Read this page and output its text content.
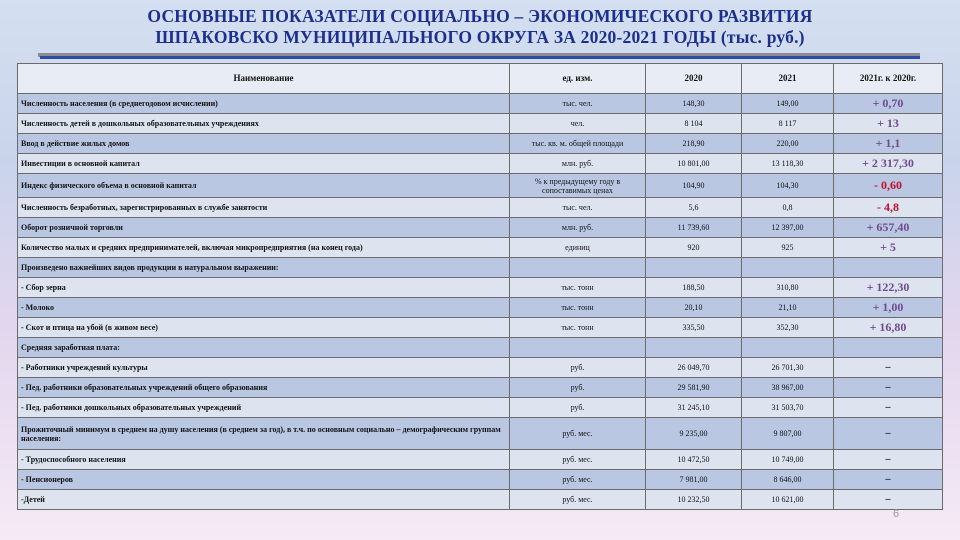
ОСНОВНЫЕ ПОКАЗАТЕЛИ СОЦИАЛЬНО – ЭКОНОМИЧЕСКОГО РАЗВИТИЯ
ШПАКОВСКО МУНИЦИПАЛЬНОГО ОКРУГА ЗА 2020-2021 ГОДЫ (тыс. руб.)
Наименование	ед. изм.	2020	2021	2021г. к 2020г.
Численность населения (в среднегодовом исчислении)	тыс. чел.	148,30	149,00	+ 0,70
Численность детей в дошкольных образовательных учреждениях	чел.	8 104	8 117	+ 13
Ввод в действие жилых домов	тыс. кв. м. общей площади	218,90	220,00	+ 1,1
Инвестиции в основной капитал	млн. руб.	10 801,00	13 118,30	+ 2 317,30
Индекс физического объема в основной капитал	% к предыдущему году в сопоставимых ценах	104,90	104,30	- 0,60
Численность безработных, зарегистрированных в службе занятости	тыс. чел.	5,6	0,8	- 4,8
Оборот розничной торговли	млн. руб.	11 739,60	12 397,00	+ 657,40
Количество малых и средних предпринимателей, включая микропредприятия (на конец года)	единиц	920	925	+ 5
Произведено важнейших видов продукции в натуральном выражении:				
- Сбор зерна	тыс. тонн	188,50	310,80	+ 122,30
- Молоко	тыс. тонн	20,10	21,10	+ 1,00
- Скот и птица на убой (в живом весе)	тыс. тонн	335,50	352,30	+ 16,80
Средняя заработная плата:				
- Работники учреждений культуры	руб.	26 049,70	26 701,30	–
- Пед. работники образовательных учреждений общего образования	руб.	29 581,90	38 967,00	–
- Пед. работники дошкольных образовательных учреждений	руб.	31 245,10	31 503,70	–
Прожиточный минимум в среднем на душу населения (в среднем за год), в т.ч. по основным социально – демографическим группам населения:	руб. мес.	9 235,00	9 807,00	–
- Трудоспособного населения	руб. мес.	10 472,50	10 749,00	–
- Пенсионеров	руб. мес.	7 981,00	8 646,00	–
-Детей	руб. мес.	10 232,50	10 621,00	–
6
